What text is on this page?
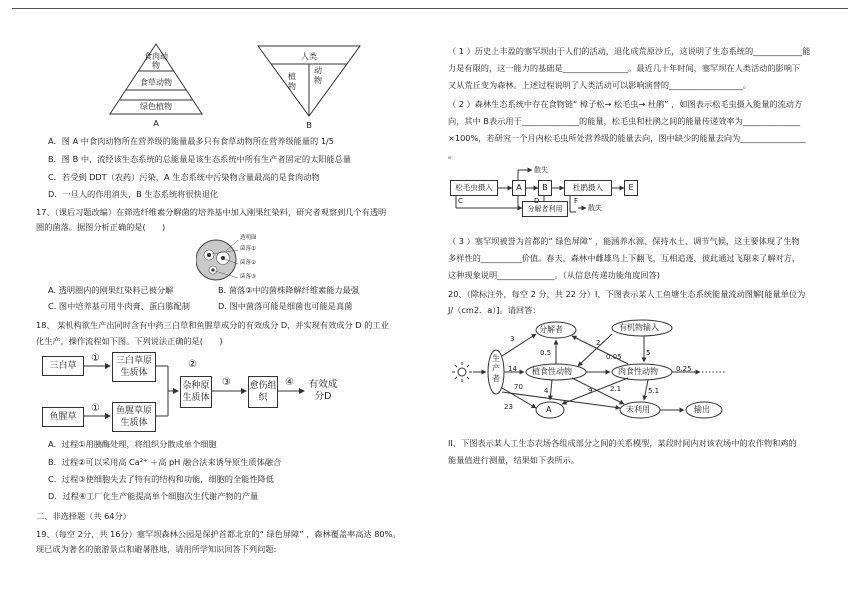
食肉动物
食草动物
绿色植物
A
人类
植物
动物
B
A．图 A 中食肉动物所在营养级的能量最多只有食草动物所在营养级能量的 1/5
B．图 B 中，流经该生态系统的总能量是该生态系统中所有生产者固定的太阳能总量
C．若受到 DDT（农药）污染，A 生态系统中污染物含量最高的是食肉动物
D．一旦人的作用消失，B 生态系统将很快退化
17、（课后习题改编）在筛选纤维素分解菌的培养基中加入刚果红染料，研究者观察到几个有透明
圈的菌落。据图分析正确的是(　　)
透明圈
菌落①
菌落②
菌落③
A. 透明圈内的刚果红染料已被分解	B. 菌落②中的菌株降解纤维素能力最强
C. 图中培养基可用牛肉膏、蛋白胨配制	D. 图中菌落可能是细菌也可能是真菌
18、 某机构欲生产出同时含有中药三白草和鱼腥草成分的有效成分 D，并实现有效成分 D 的工业
化生产，操作流程如下图。下列说法正确的是(　　)
三白草
鱼腥草
三白草原生质体
鱼腥草原生质体
杂种原生质体
愈伤组织
有效成分D
①
①
②
③	④
A．过程①用胰酶处理，将组织分散成单个细胞
B．过程②可以采用高 Ca²⁺ ＋高 pH 融合法来诱导原生质体融合
C．过程③使细胞失去了特有的结构和功能，细胞的全能性降低
D．过程④工厂化生产能提高单个细胞次生代谢产物的产量
二、非选择题（共 64分）
19、（每空 2分，共 16分）塞罕坝森林公园是保护首都北京的“ 绿色屏障” ，森林覆盖率高达 80%。
现已成为著名的旅游景点和避暑胜地，请用所学知识回答下列问题:
（ 1 ）历史上丰盈的塞罕坝由于人们的活动，退化成荒原沙丘，这说明了生态系统的____________能
力是有限的，这一能力的基础是________________。最近几十年时间，塞罕坝在人类活动的影响下
又从荒丘变为森林。上述过程说明了人类活动可以影响演替的__________________。
（ 2 ）森林生态系统中存在食物链“ 樟子松→ 松毛虫→ 杜鹃” ，如图表示松毛虫摄入能量的流动方
向，其中 B表示用于______________的能量，松毛虫和杜鹃之间的能量传递效率为______________
×100%，若研究一个月内松毛虫所处营养级的能量去向，图中缺少的能量去向为________________
。
松毛虫摄入	A	B	杜鹃摄入	E
分解者利用
散失
散失
C	D	F
（ 3 ）塞罕坝被誉为首都的“ 绿色屏障” ，能涵养水源、保持水土、调节气候，这主要体现了生物
多样性的__________价值。春天，森林中雌雄鸟上下翻飞，互相追逐，彼此通过飞翔来了解对方，
这种现象说明______________。（从信息传递功能角度回答)
20、（除标注外，每空 2 分，共 22 分）I、下图表示某人工鱼塘生态系统能量流动图解[能量单位为
J/（cm2．a）]。请回答：
生产者
分解者	有机物输入
植食性动物	肉食性动物
A	未利用	输出
3
0.5
2
0.05	5
0.25
14
70
23
4	9	2.1	5.1
II、下图表示某人工生态农场各组成部分之间的关系模型，某段时间内对该农场中的农作物和鸡的
能量值进行测量，结果如下表所示。
